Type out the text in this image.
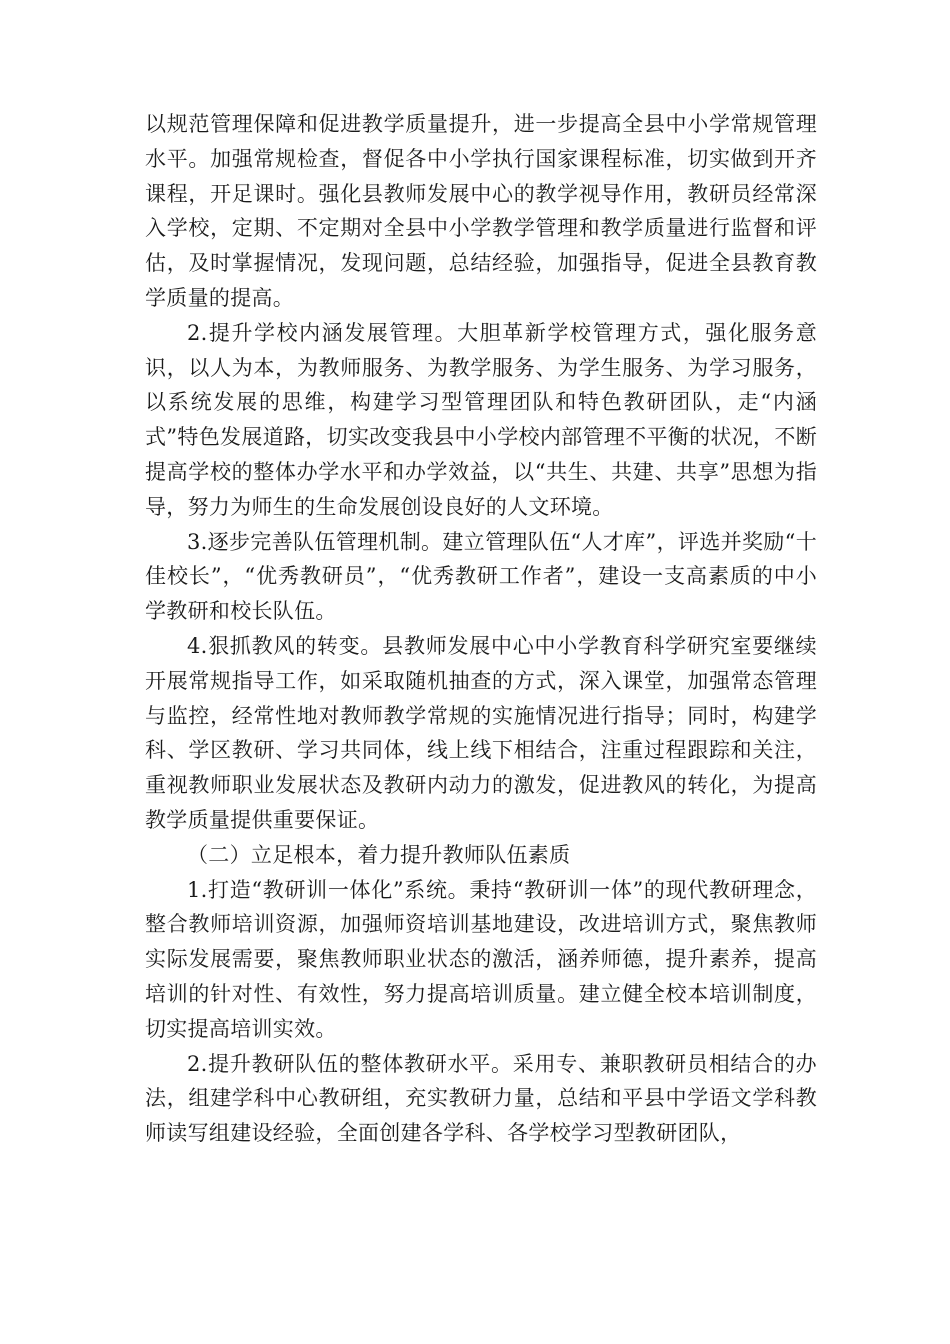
以规范管理保障和促进教学质量提升，进一步提高全县中小学常规管理水平。加强常规检查，督促各中小学执行国家课程标准，切实做到开齐课程，开足课时。强化县教师发展中心的教学视导作用，教研员经常深入学校，定期、不定期对全县中小学教学管理和教学质量进行监督和评估，及时掌握情况，发现问题，总结经验，加强指导，促进全县教育教学质量的提高。

2.提升学校内涵发展管理。大胆革新学校管理方式，强化服务意识，以人为本，为教师服务、为教学服务、为学生服务、为学习服务，以系统发展的思维，构建学习型管理团队和特色教研团队，走“内涵式”特色发展道路，切实改变我县中小学校内部管理不平衡的状况，不断提高学校的整体办学水平和办学效益，以“共生、共建、共享”思想为指导，努力为师生的生命发展创设良好的人文环境。

3.逐步完善队伍管理机制。建立管理队伍“人才库”，评选并奖励“十佳校长”，“优秀教研员”，“优秀教研工作者”，建设一支高素质的中小学教研和校长队伍。

4.狠抓教风的转变。县教师发展中心中小学教育科学研究室要继续开展常规指导工作，如采取随机抽查的方式，深入课堂，加强常态管理与监控，经常性地对教师教学常规的实施情况进行指导；同时，构建学科、学区教研、学习共同体，线上线下相结合，注重过程跟踪和关注，重视教师职业发展状态及教研内动力的激发，促进教风的转化，为提高教学质量提供重要保证。

（二）立足根本，着力提升教师队伍素质

1.打造“教研训一体化”系统。秉持“教研训一体”的现代教研理念，整合教师培训资源，加强师资培训基地建设，改进培训方式，聚焦教师实际发展需要，聚焦教师职业状态的激活，涵养师德，提升素养，提高培训的针对性、有效性，努力提高培训质量。建立健全校本培训制度，切实提高培训实效。

2.提升教研队伍的整体教研水平。采用专、兼职教研员相结合的办法，组建学科中心教研组，充实教研力量，总结和平县中学语文学科教师读写组建设经验，全面创建各学科、各学校学习型教研团队，
